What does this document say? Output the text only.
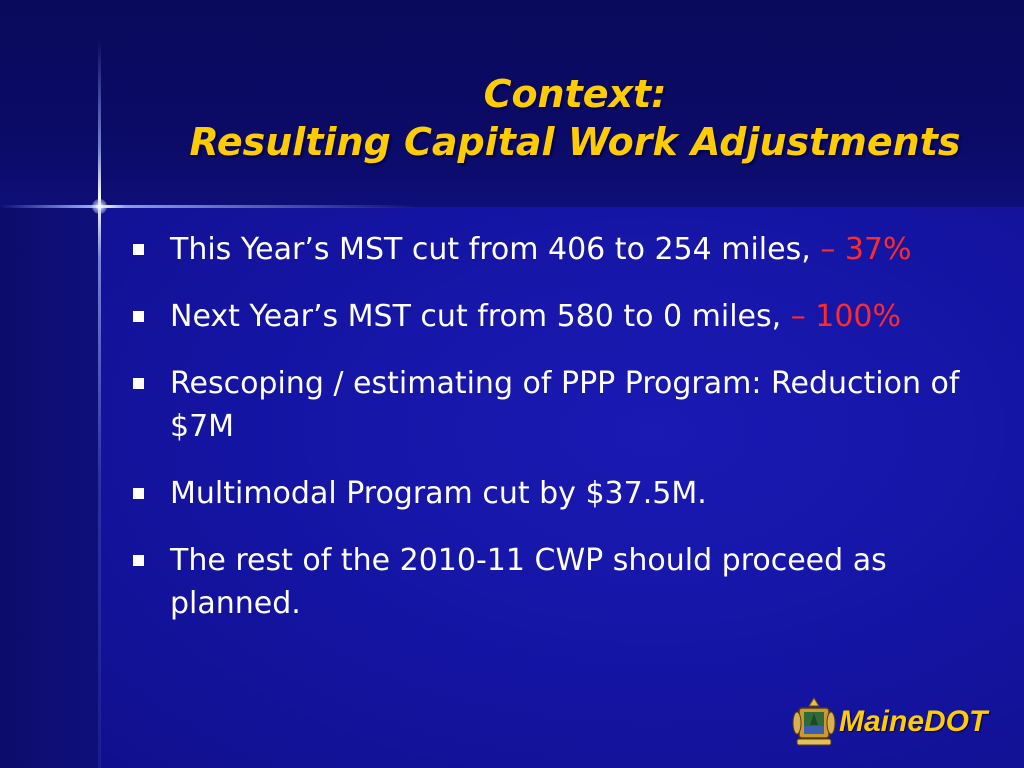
Context:
Resulting Capital Work Adjustments
This Year’s MST cut from 406 to 254 miles, – 37%
Next Year’s MST cut from 580 to 0 miles, – 100%
Rescoping / estimating of PPP Program: Reduction of $7M
Multimodal Program cut by $37.5M.
The rest of the 2010-11 CWP should proceed as planned.
MaineDOT
